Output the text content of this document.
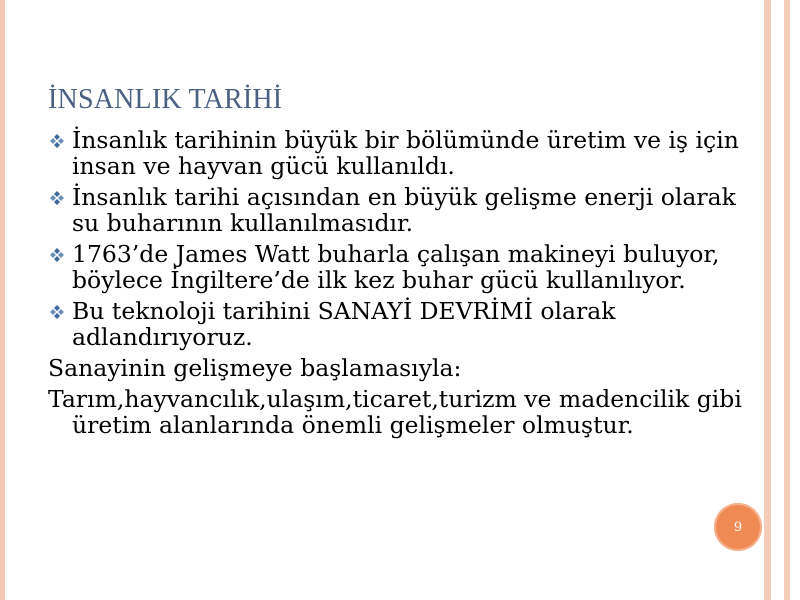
İNSANLIK TARİHİ
İnsanlık tarihinin büyük bir bölümünde üretim ve iş için insan ve hayvan gücü kullanıldı.
İnsanlık tarihi açısından en büyük gelişme enerji olarak su buharının kullanılmasıdır.
1763’de James Watt buharla çalışan makineyi buluyor, böylece İngiltere’de ilk kez buhar gücü kullanılıyor.
Bu teknoloji tarihini SANAYİ DEVRİMİ olarak adlandırıyoruz.
Sanayinin gelişmeye başlamasıyla:
Tarım,hayvancılık,ulaşım,ticaret,turizm ve madencilik gibi üretim alanlarında önemli gelişmeler olmuştur.
9
